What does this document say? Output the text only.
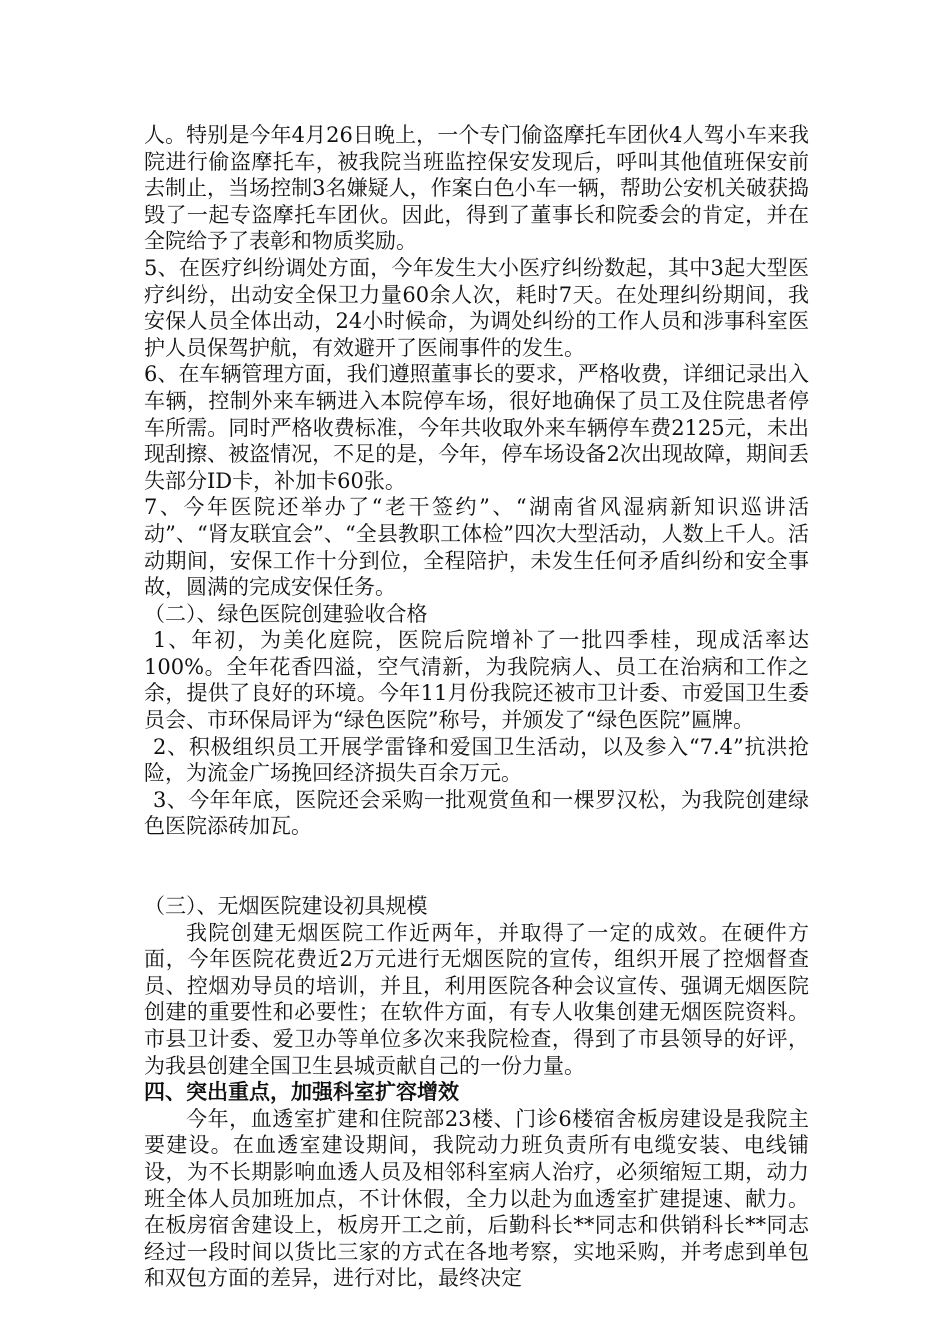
人。特别是今年4月26日晚上，一个专门偷盗摩托车团伙4人驾小车来我院进行偷盗摩托车，被我院当班监控保安发现后，呼叫其他值班保安前去制止，当场控制3名嫌疑人，作案白色小车一辆，帮助公安机关破获捣毁了一起专盗摩托车团伙。因此，得到了董事长和院委会的肯定，并在全院给予了表彰和物质奖励。

5、在医疗纠纷调处方面，今年发生大小医疗纠纷数起，其中3起大型医疗纠纷，出动安全保卫力量60余人次，耗时7天。在处理纠纷期间，我安保人员全体出动，24小时候命，为调处纠纷的工作人员和涉事科室医护人员保驾护航，有效避开了医闹事件的发生。

6、在车辆管理方面，我们遵照董事长的要求，严格收费，详细记录出入车辆，控制外来车辆进入本院停车场，很好地确保了员工及住院患者停车所需。同时严格收费标准，今年共收取外来车辆停车费2125元，未出现刮擦、被盗情况，不足的是，今年，停车场设备2次出现故障，期间丢失部分ID卡，补加卡60张。

7、今年医院还举办了“老干签约”、“湖南省风湿病新知识巡讲活动”、“肾友联宜会”、“全县教职工体检”四次大型活动，人数上千人。活动期间，安保工作十分到位，全程陪护，未发生任何矛盾纠纷和安全事故，圆满的完成安保任务。

（二）、绿色医院创建验收合格

1、年初，为美化庭院，医院后院增补了一批四季桂，现成活率达100%。全年花香四溢，空气清新，为我院病人、员工在治病和工作之余，提供了良好的环境。今年11月份我院还被市卫计委、市爱国卫生委员会、市环保局评为“绿色医院”称号，并颁发了“绿色医院”匾牌。

2、积极组织员工开展学雷锋和爱国卫生活动，以及参入“7.4”抗洪抢险，为流金广场挽回经济损失百余万元。

3、今年年底，医院还会采购一批观赏鱼和一棵罗汉松，为我院创建绿色医院添砖加瓦。

（三）、无烟医院建设初具规模

我院创建无烟医院工作近两年，并取得了一定的成效。在硬件方面，今年医院花费近2万元进行无烟医院的宣传，组织开展了控烟督查员、控烟劝导员的培训，并且，利用医院各种会议宣传、强调无烟医院创建的重要性和必要性；在软件方面，有专人收集创建无烟医院资料。市县卫计委、爱卫办等单位多次来我院检查，得到了市县领导的好评，为我县创建全国卫生县城贡献自己的一份力量。

四、突出重点，加强科室扩容增效

今年，血透室扩建和住院部23楼、门诊6楼宿舍板房建设是我院主要建设。在血透室建设期间，我院动力班负责所有电缆安装、电线铺设，为不长期影响血透人员及相邻科室病人治疗，必须缩短工期，动力班全体人员加班加点，不计休假，全力以赴为血透室扩建提速、献力。在板房宿舍建设上，板房开工之前，后勤科长**同志和供销科长**同志经过一段时间以货比三家的方式在各地考察，实地采购，并考虑到单包和双包方面的差异，进行对比，最终决定
